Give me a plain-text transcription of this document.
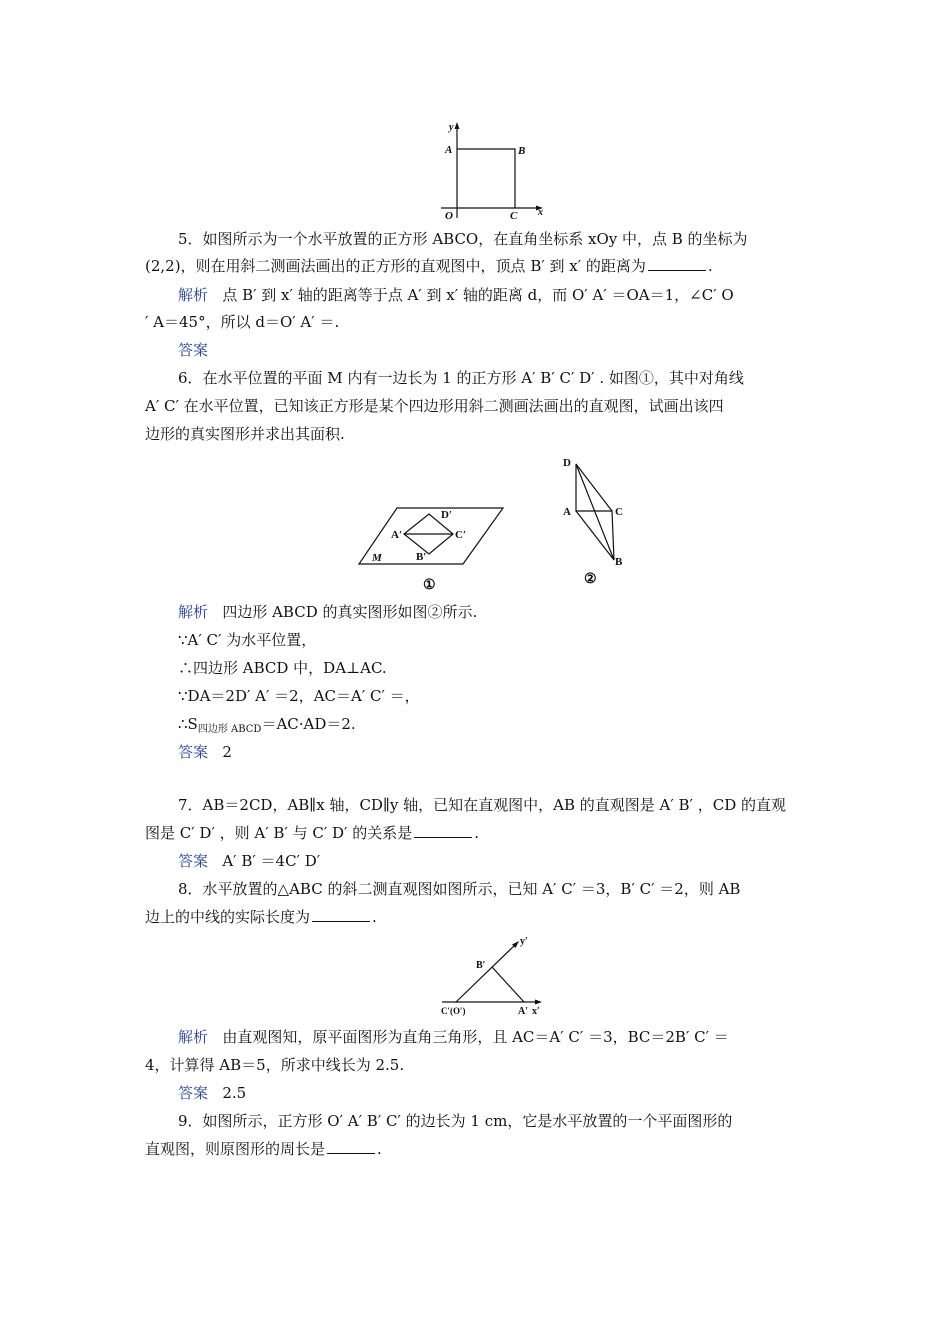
y
x
A	B
O	C
5．如图所示为一个水平放置的正方形 ABCO，在直角坐标系 xOy 中，点 B 的坐标为
(2,2)，则在用斜二测画法画出的正方形的直观图中，顶点 B′ 到 x′ 的距离为	.
解析 点 B′ 到 x′ 轴的距离等于点 A′ 到 x′ 轴的距离 d，而 O′ A′ ＝OA＝1，∠C′ O
′ A＝45°，所以 d＝O′ A′ ＝.
答案
6．在水平位置的平面 M 内有一边长为 1 的正方形 A′ B′ C′ D′ . 如图①，其中对角线
A′ C′ 在水平位置，已知该正方形是某个四边形用斜二测画法画出的直观图，试画出该四
边形的真实图形并求出其面积.
D′
A′	C′
B′
M
①
D
A	C
B
②
解析 四边形 ABCD 的真实图形如图②所示.
∵A′ C′ 为水平位置，
∴四边形 ABCD 中，DA⊥AC.
∵DA＝2D′ A′ ＝2，AC＝A′ C′ ＝，
$\therefore S_{四边形 ABCD}=AC\cdot AD=2$.
答案 2
7．AB＝2CD，AB∥x 轴，CD∥y 轴，已知在直观图中，AB 的直观图是 A′ B′ ，CD 的直观
图是 C′ D′ ，则 A′ B′ 与 C′ D′ 的关系是	.
答案 A′ B′ ＝4C′ D′
8．水平放置的△ABC 的斜二测直观图如图所示，已知 A′ C′ ＝3，B′ C′ ＝2，则 AB
边上的中线的实际长度为	.
y′
B′
C′(O′)	A′ x′
解析 由直观图知，原平面图形为直角三角形，且 AC＝A′ C′ ＝3，BC＝2B′ C′ ＝
4，计算得 AB＝5，所求中线长为 2.5.
答案 2.5
9．如图所示，正方形 O′ A′ B′ C′ 的边长为 1 cm，它是水平放置的一个平面图形的
直观图，则原图形的周长是	.
